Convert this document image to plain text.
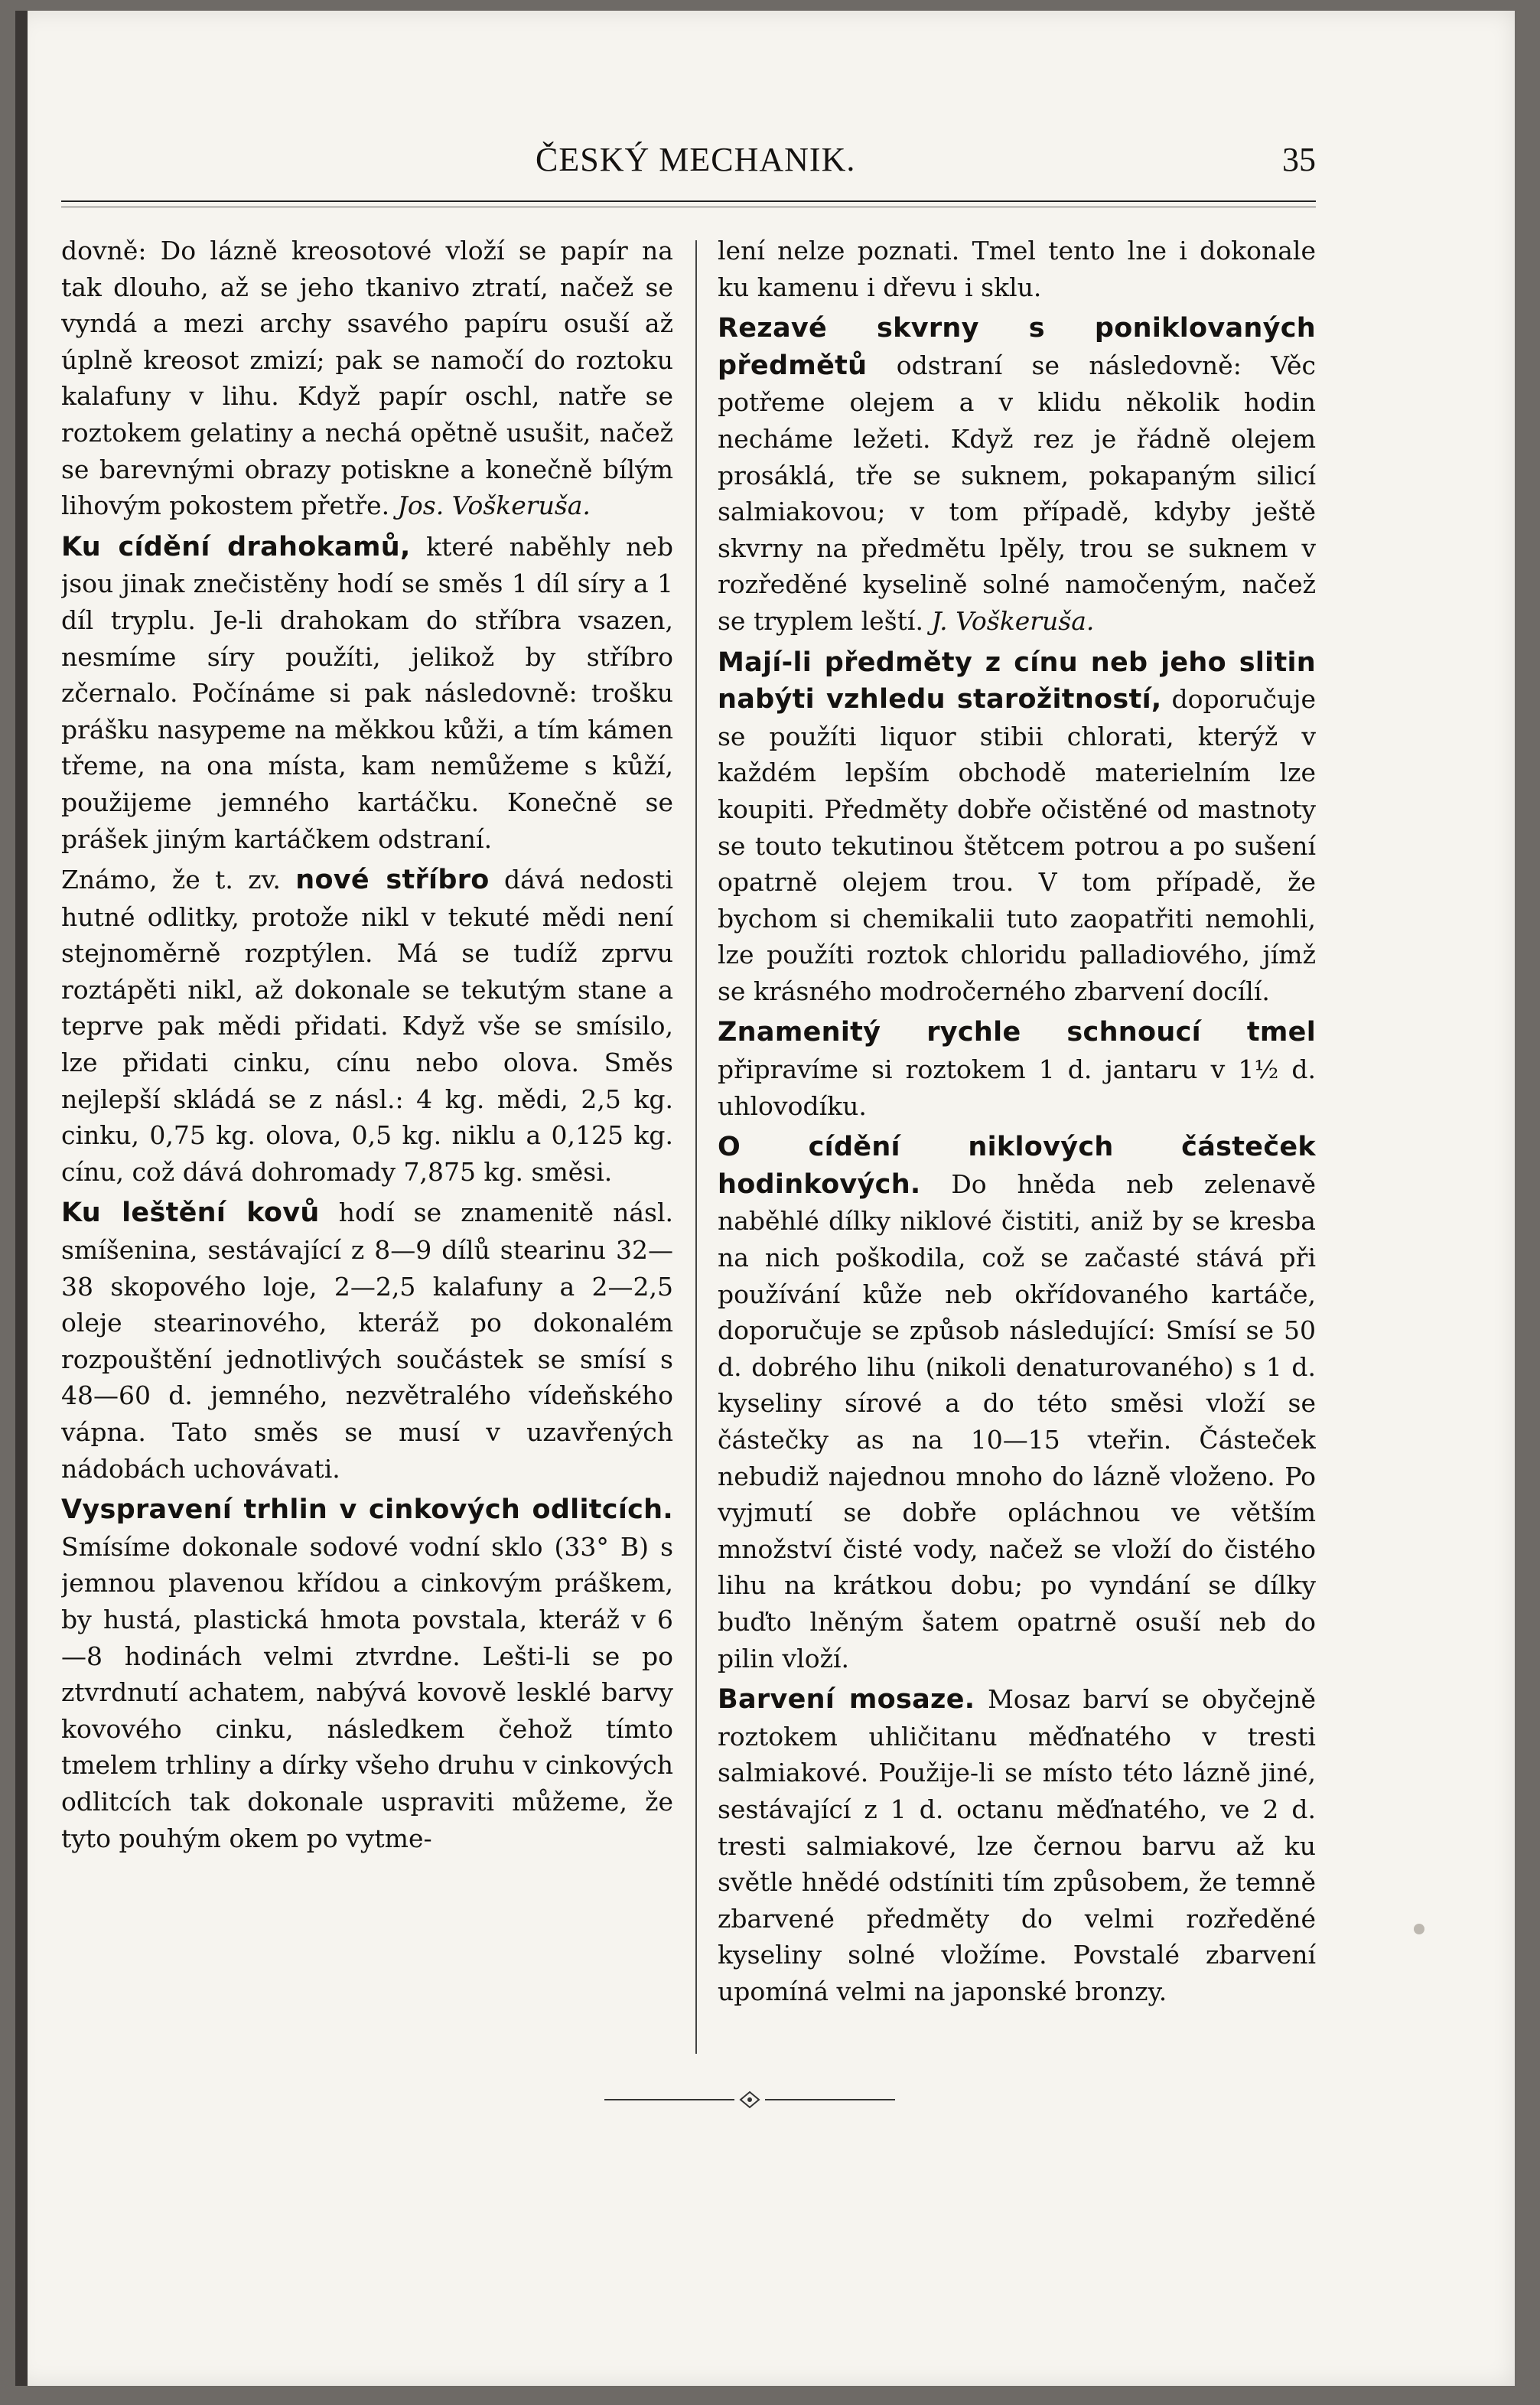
ČESKÝ MECHANIK.	35

dovně: Do lázně kreosotové vloží se papír na tak dlouho, až se jeho tkanivo ztratí, načež se vyndá a mezi archy ssavého papíru osuší až úplně kreosot zmizí; pak se namočí do roztoku kalafuny v lihu. Když papír oschl, natře se roztokem gelatiny a nechá opětně usušit, načež se barevnými obrazy potiskne a konečně bílým lihovým pokostem přetře. Jos. Voškeruša.

Ku cídění drahokamů, které naběhly neb jsou jinak znečistěny hodí se směs 1 díl síry a 1 díl tryplu. Je-li drahokam do stříbra vsazen, nesmíme síry použíti, jelikož by stříbro zčernalo. Počínáme si pak následovně: trošku prášku nasypeme na měkkou kůži, a tím kámen třeme, na ona místa, kam nemůžeme s kůží, použijeme jemného kartáčku. Konečně se prášek jiným kartáčkem odstraní.

Známo, že t. zv. nové stříbro dává nedosti hutné odlitky, protože nikl v tekuté mědi není stejnoměrně rozptýlen. Má se tudíž zprvu roztápěti nikl, až dokonale se tekutým stane a teprve pak mědi přidati. Když vše se smísilo, lze přidati cinku, cínu nebo olova. Směs nejlepší skládá se z násl.: 4 kg. mědi, 2,5 kg. cinku, 0,75 kg. olova, 0,5 kg. niklu a 0,125 kg. cínu, což dává dohromady 7,875 kg. směsi.

Ku leštění kovů hodí se znamenitě násl. smíšenina, sestávající z 8—9 dílů stearinu 32—38 skopového loje, 2—2,5 kalafuny a 2—2,5 oleje stearinového, kteráž po dokonalém rozpouštění jednotlivých součástek se smísí s 48—60 d. jemného, nezvětralého vídeňského vápna. Tato směs se musí v uzavřených nádobách uchovávati.

Vyspravení trhlin v cinkových odlitcích. Smísíme dokonale sodové vodní sklo (33° B) s jemnou plavenou křídou a cinkovým práškem, by hustá, plastická hmota povstala, kteráž v 6—8 hodinách velmi ztvrdne. Lešti-li se po ztvrdnutí achatem, nabývá kovově lesklé barvy kovového cinku, následkem čehož tímto tmelem trhliny a dírky všeho druhu v cinkových odlitcích tak dokonale uspraviti můžeme, že tyto pouhým okem po vytme-

lení nelze poznati. Tmel tento lne i dokonale ku kamenu i dřevu i sklu.

Rezavé skvrny s poniklovaných předmětů odstraní se následovně: Věc potřeme olejem a v klidu několik hodin necháme ležeti. Když rez je řádně olejem prosáklá, tře se suknem, pokapaným silicí salmiakovou; v tom případě, kdyby ještě skvrny na předmětu lpěly, trou se suknem v rozředěné kyselině solné namočeným, načež se tryplem leští. J. Voškeruša.

Mají-li předměty z cínu neb jeho slitin nabýti vzhledu starožitností, doporučuje se použíti liquor stibii chlorati, kterýž v každém lepším obchodě materielním lze koupiti. Předměty dobře očistěné od mastnoty se touto tekutinou štětcem potrou a po sušení opatrně olejem trou. V tom případě, že bychom si chemikalii tuto zaopatřiti nemohli, lze použíti roztok chloridu palladiového, jímž se krásného modročerného zbarvení docílí.

Znamenitý rychle schnoucí tmel připravíme si roztokem 1 d. jantaru v 1½ d. uhlovodíku.

O cídění niklových částeček hodinkových. Do hněda neb zelenavě naběhlé dílky niklové čistiti, aniž by se kresba na nich poškodila, což se začasté stává při používání kůže neb okřídovaného kartáče, doporučuje se způsob následující: Smísí se 50 d. dobrého lihu (nikoli denaturovaného) s 1 d. kyseliny sírové a do této směsi vloží se částečky as na 10—15 vteřin. Částeček nebudiž najednou mnoho do lázně vloženo. Po vyjmutí se dobře opláchnou ve větším množství čisté vody, načež se vloží do čistého lihu na krátkou dobu; po vyndání se dílky buďto lněným šatem opatrně osuší neb do pilin vloží.

Barvení mosaze. Mosaz barví se obyčejně roztokem uhličitanu měďnatého v tresti salmiakové. Použije-li se místo této lázně jiné, sestávající z 1 d. octanu měďnatého, ve 2 d. tresti salmiakové, lze černou barvu až ku světle hnědé odstíniti tím způsobem, že temně zbarvené předměty do velmi rozředěné kyseliny solné vložíme. Povstalé zbarvení upomíná velmi na japonské bronzy.
